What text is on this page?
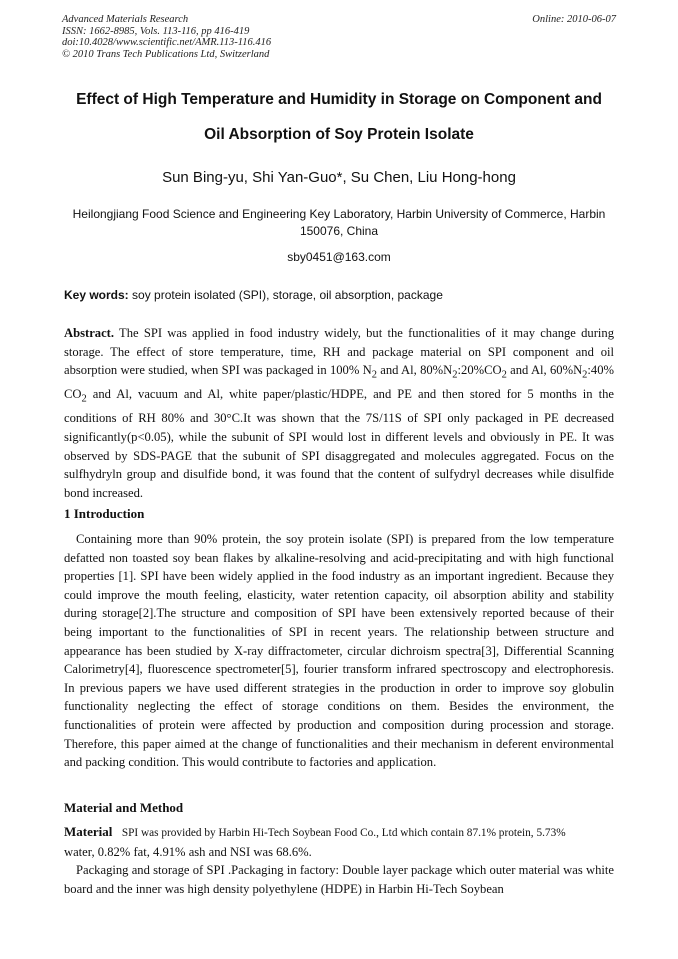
Advanced Materials Research
ISSN: 1662-8985, Vols. 113-116, pp 416-419
doi:10.4028/www.scientific.net/AMR.113-116.416
© 2010 Trans Tech Publications Ltd, Switzerland
Online: 2010-06-07
Effect of High Temperature and Humidity in Storage on Component and
Oil Absorption of Soy Protein Isolate
Sun Bing-yu, Shi Yan-Guo*, Su Chen, Liu Hong-hong
Heilongjiang Food Science and Engineering Key Laboratory, Harbin University of Commerce, Harbin 150076, China
sby0451@163.com
Key words: soy protein isolated (SPI), storage, oil absorption, package

Abstract. The SPI was applied in food industry widely, but the functionalities of it may change during storage. The effect of store temperature, time, RH and package material on SPI component and oil absorption were studied, when SPI was packaged in 100% $N_2$ and Al, $80\%N_2:20\%CO_2$ and Al, $60\%N_2:40\%$ $CO_2$ and Al, vacuum and Al, white paper/plastic/HDPE, and PE and then stored for 5 months in the conditions of RH 80% and 30°C.It was shown that the 7S/11S of SPI only packaged in PE decreased significantly(p<0.05), while the subunit of SPI would lost in different levels and obviously in PE. It was observed by SDS-PAGE that the subunit of SPI disaggregated and molecules aggregated. Focus on the sulfhydryln group and disulfide bond, it was found that the content of sulfydryl decreases while disulfide bond increased.

1 Introduction

Containing more than 90% protein, the soy protein isolate (SPI) is prepared from the low temperature defatted non toasted soy bean flakes by alkaline-resolving and acid-precipitating and with high functional properties [1]. SPI have been widely applied in the food industry as an important ingredient. Because they could improve the mouth feeling, elasticity, water retention capacity, oil absorption ability and stability during storage[2].The structure and composition of SPI have been extensively reported because of their being important to the functionalities of SPI in recent years. The relationship between structure and appearance has been studied by X-ray diffractometer, circular dichroism spectra[3], Differential Scanning Calorimetry[4], fluorescence spectrometer[5], fourier transform infrared spectroscopy and electrophoresis. In previous papers we have used different strategies in the production in order to improve soy globulin functionality neglecting the effect of storage conditions on them. Besides the environment, the functionalities of protein were affected by production and composition during procession and storage. Therefore, this paper aimed at the change of functionalities and their mechanism in deferent environmental and packing condition. This would contribute to factories and application.

Material and Method

Material SPI was provided by Harbin Hi-Tech Soybean Food Co., Ltd which contain 87.1% protein, 5.73%
water, 0.82% fat, 4.91% ash and NSI was 68.6%.

Packaging and storage of SPI .Packaging in factory: Double layer package which outer material was white board and the inner was high density polyethylene (HDPE) in Harbin Hi-Tech Soybean
